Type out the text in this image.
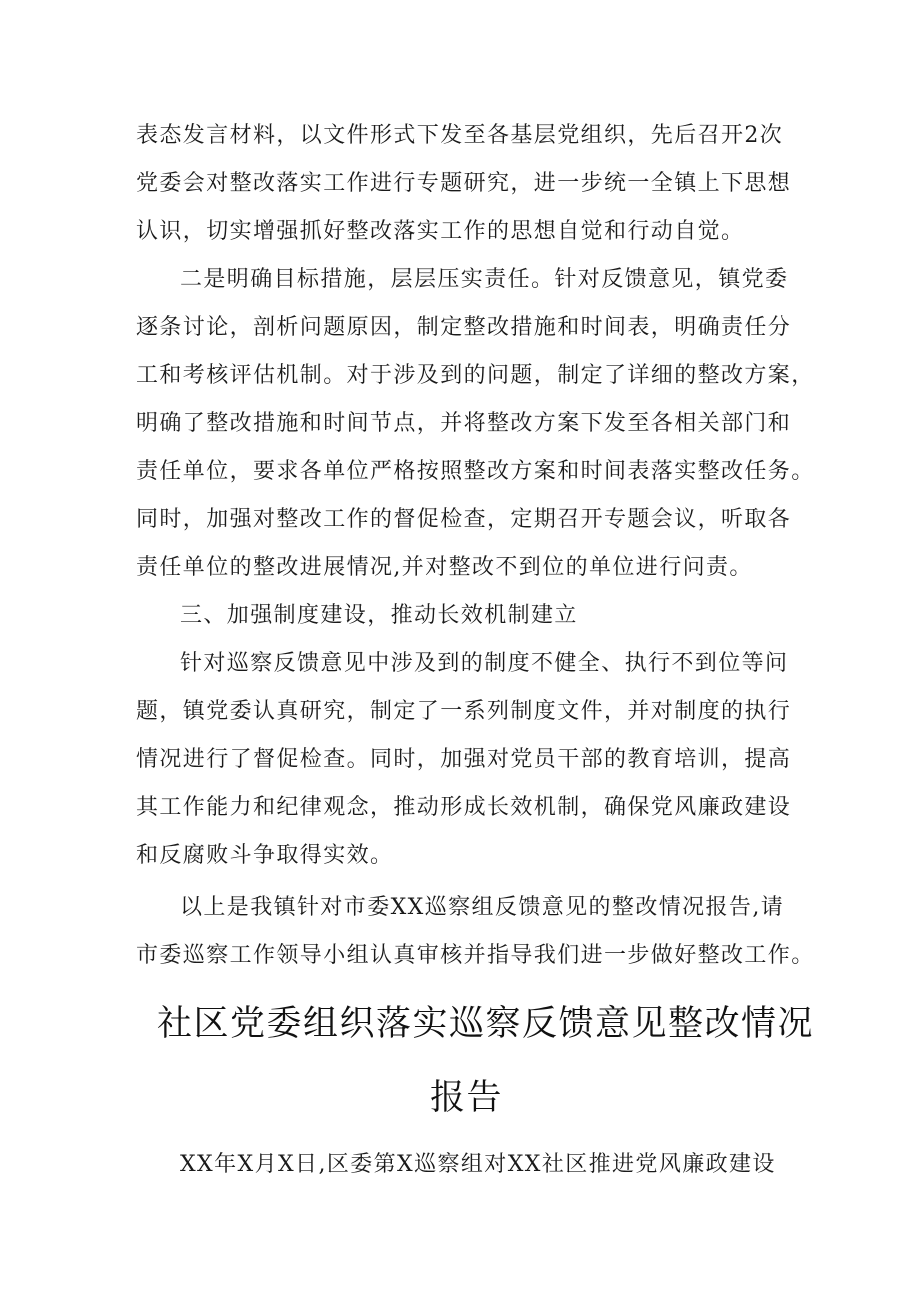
表态发言材料，以文件形式下发至各基层党组织，先后召开2次
党委会对整改落实工作进行专题研究，进一步统一全镇上下思想
认识，切实增强抓好整改落实工作的思想自觉和行动自觉。
二是明确目标措施，层层压实责任。针对反馈意见，镇党委
逐条讨论，剖析问题原因，制定整改措施和时间表，明确责任分
工和考核评估机制。对于涉及到的问题，制定了详细的整改方案，
明确了整改措施和时间节点，并将整改方案下发至各相关部门和
责任单位，要求各单位严格按照整改方案和时间表落实整改任务。
同时，加强对整改工作的督促检查，定期召开专题会议，听取各
责任单位的整改进展情况,并对整改不到位的单位进行问责。
三、加强制度建设，推动长效机制建立
针对巡察反馈意见中涉及到的制度不健全、执行不到位等问
题，镇党委认真研究，制定了一系列制度文件，并对制度的执行
情况进行了督促检查。同时，加强对党员干部的教育培训，提高
其工作能力和纪律观念，推动形成长效机制，确保党风廉政建设
和反腐败斗争取得实效。
以上是我镇针对市委XX巡察组反馈意见的整改情况报告,请
市委巡察工作领导小组认真审核并指导我们进一步做好整改工作。
社区党委组织落实巡察反馈意见整改情况
报告
XX年X月X日,区委第X巡察组对XX社区推进党风廉政建设
